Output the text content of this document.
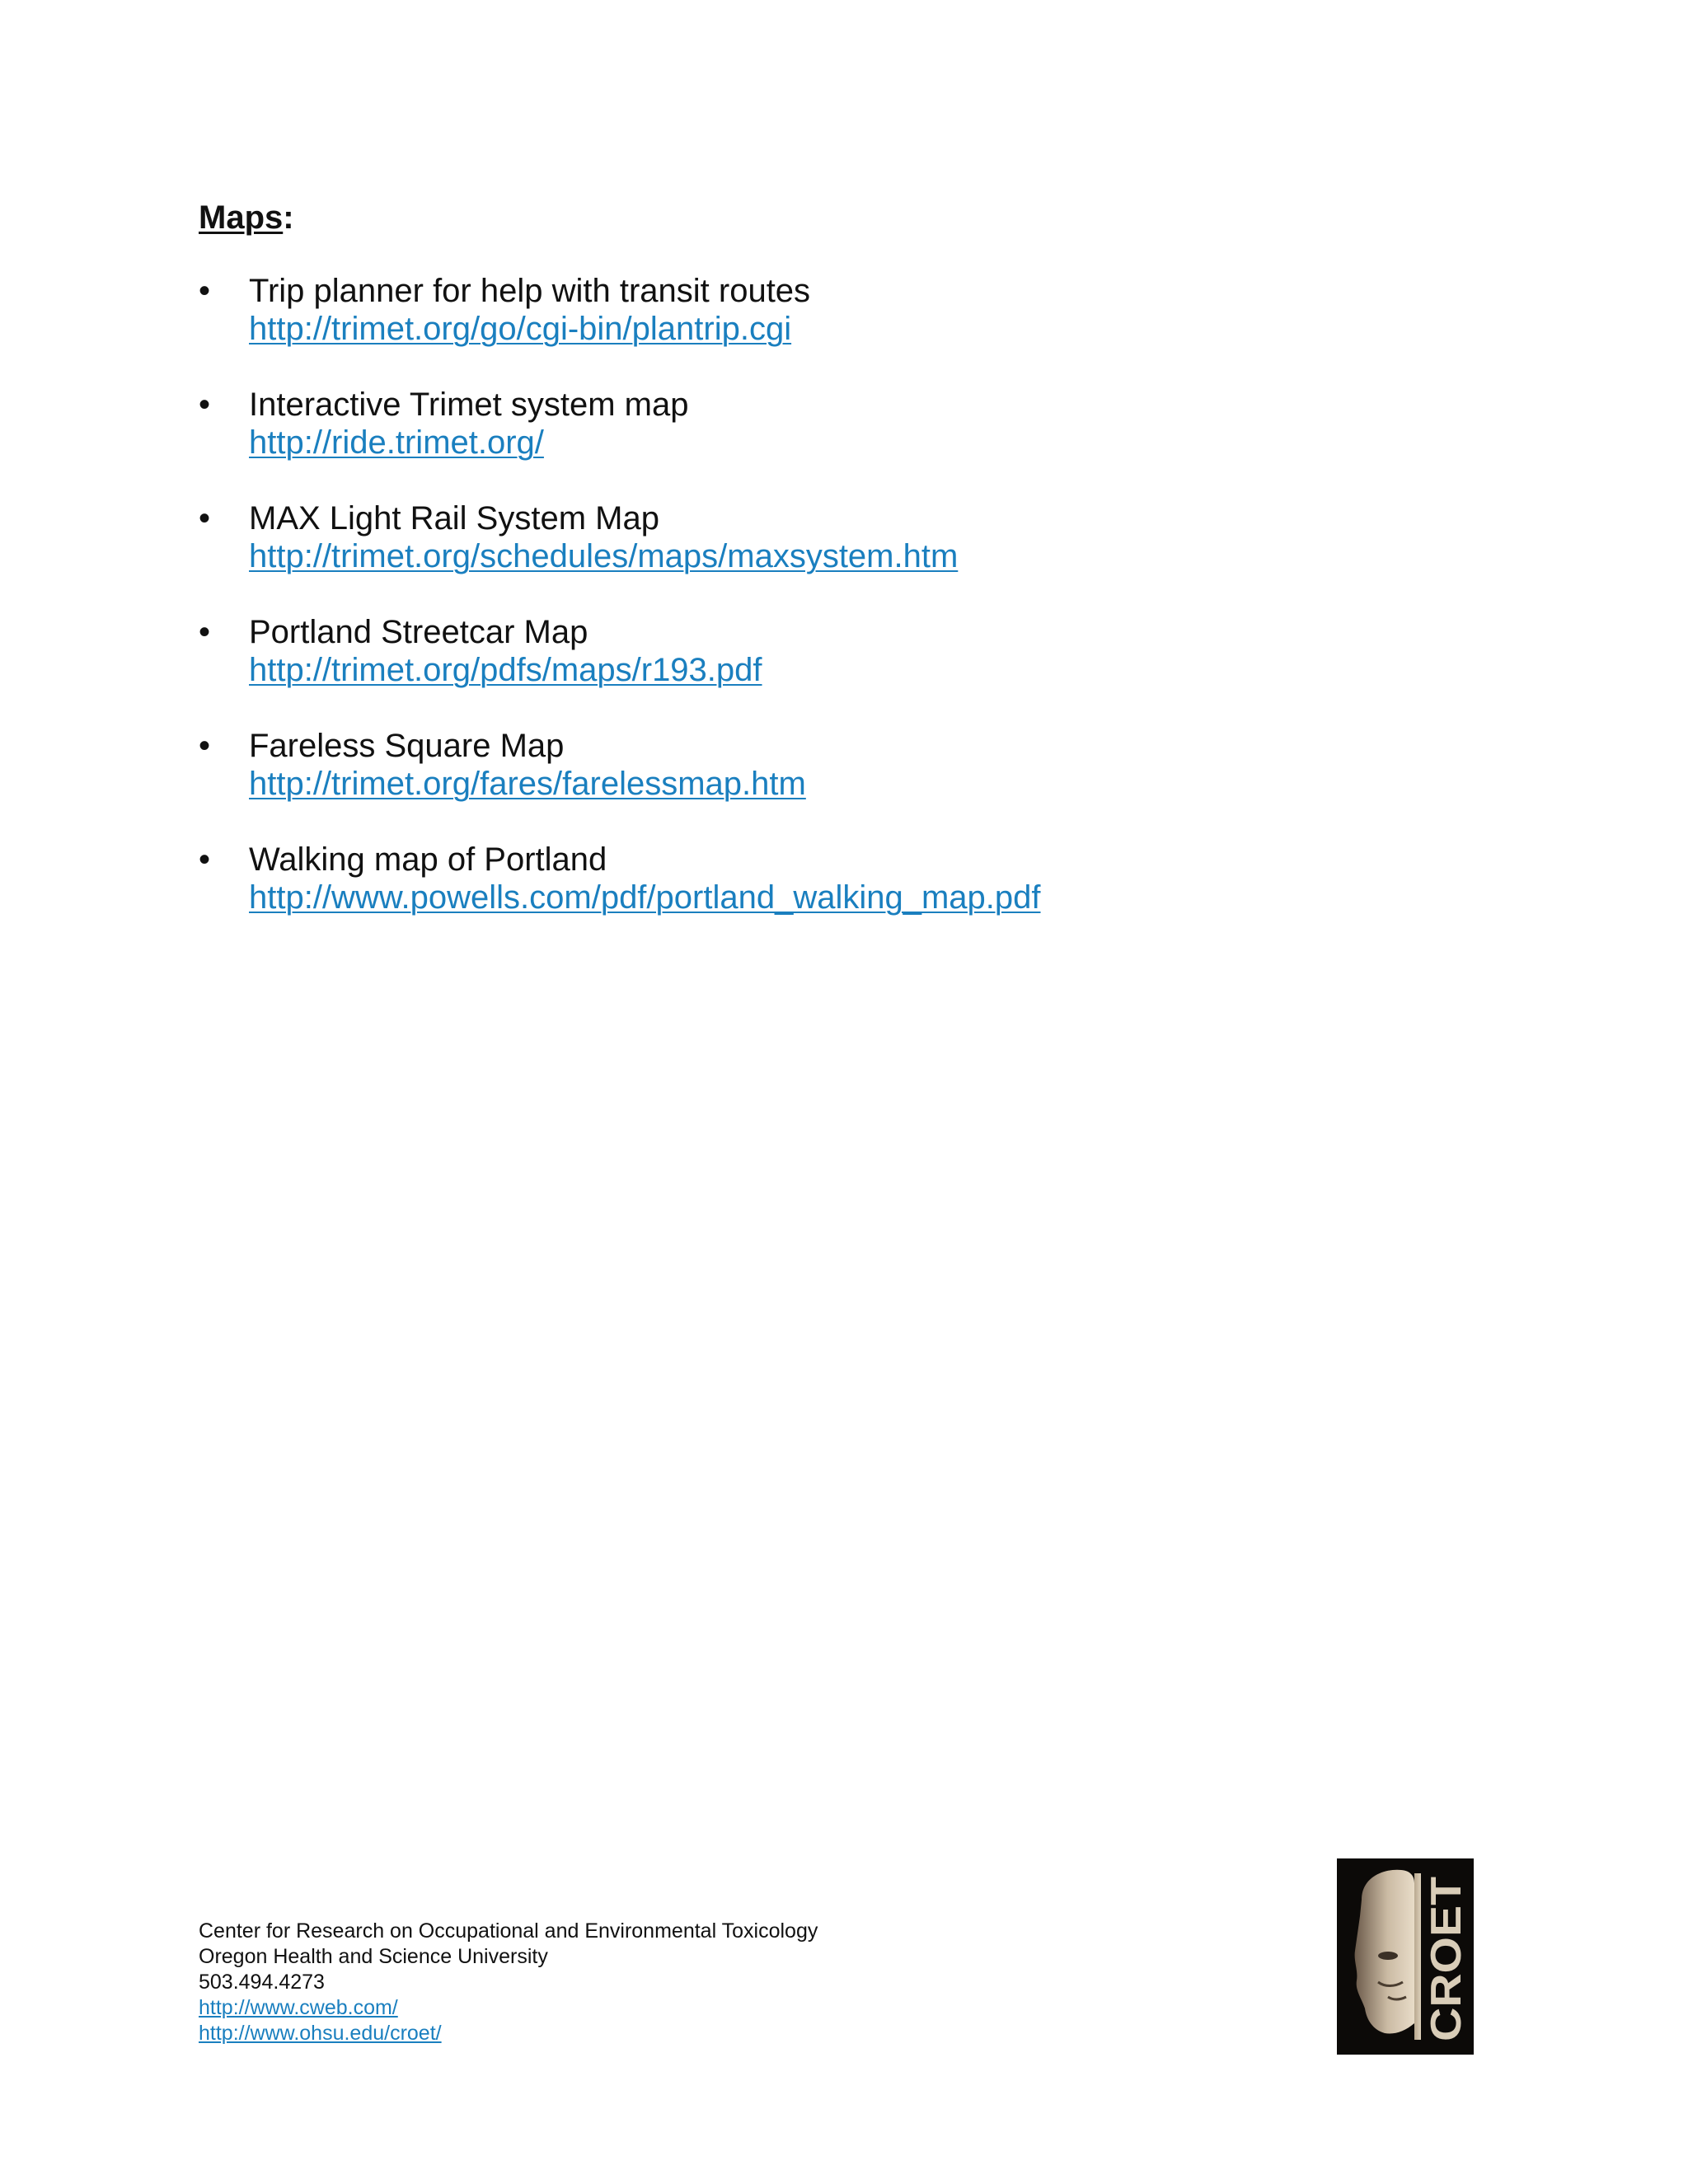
Maps:
• Trip planner for help with transit routes
http://trimet.org/go/cgi-bin/plantrip.cgi
• Interactive Trimet system map
http://ride.trimet.org/
• MAX Light Rail System Map
http://trimet.org/schedules/maps/maxsystem.htm
• Portland Streetcar Map
http://trimet.org/pdfs/maps/r193.pdf
• Fareless Square Map
http://trimet.org/fares/farelessmap.htm
• Walking map of Portland
http://www.powells.com/pdf/portland_walking_map.pdf
Center for Research on Occupational and Environmental Toxicology
Oregon Health and Science University
503.494.4273
http://www.cweb.com/
http://www.ohsu.edu/croet/	CROET
